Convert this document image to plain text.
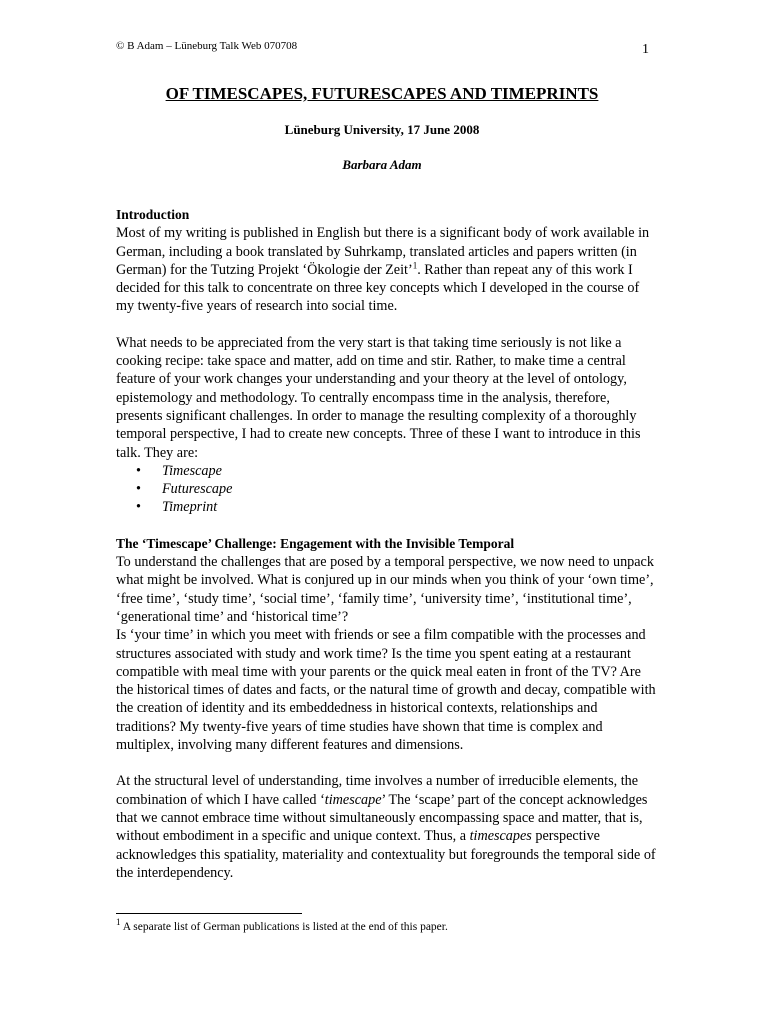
© B Adam – Lüneburg Talk Web 070708	1
OF TIMESCAPES, FUTURESCAPES AND TIMEPRINTS
Lüneburg University, 17 June 2008
Barbara Adam

Introduction

Most of my writing is published in English but there is a significant body of work available in German, including a book translated by Suhrkamp, translated articles and papers written (in German) for the Tutzing Projekt ‘Ökologie der Zeit’$^1$. Rather than repeat any of this work I decided for this talk to concentrate on three key concepts which I developed in the course of my twenty-five years of research into social time.

What needs to be appreciated from the very start is that taking time seriously is not like a cooking recipe: take space and matter, add on time and stir. Rather, to make time a central feature of your work changes your understanding and your theory at the level of ontology, epistemology and methodology. To centrally encompass time in the analysis, therefore, presents significant challenges. In order to manage the resulting complexity of a thoroughly temporal perspective, I had to create new concepts. Three of these I want to introduce in this talk. They are:

• Timescape
• Futurescape
• Timeprint

The ‘Timescape’ Challenge: Engagement with the Invisible Temporal

To understand the challenges that are posed by a temporal perspective, we now need to unpack what might be involved. What is conjured up in our minds when you think of your ‘own time’, ‘free time’, ‘study time’, ‘social time’, ‘family time’, ‘university time’, ‘institutional time’, ‘generational time’ and ‘historical time’?

Is ‘your time’ in which you meet with friends or see a film compatible with the processes and structures associated with study and work time? Is the time you spent eating at a restaurant compatible with meal time with your parents or the quick meal eaten in front of the TV? Are the historical times of dates and facts, or the natural time of growth and decay, compatible with the creation of identity and its embeddedness in historical contexts, relationships and traditions? My twenty-five years of time studies have shown that time is complex and multiplex, involving many different features and dimensions.

At the structural level of understanding, time involves a number of irreducible elements, the combination of which I have called ‘timescape’ The ‘scape’ part of the concept acknowledges that we cannot embrace time without simultaneously encompassing space and matter, that is, without embodiment in a specific and unique context. Thus, a timescapes perspective acknowledges this spatiality, materiality and contextuality but foregrounds the temporal side of the interdependency.

$^1$ A separate list of German publications is listed at the end of this paper.
